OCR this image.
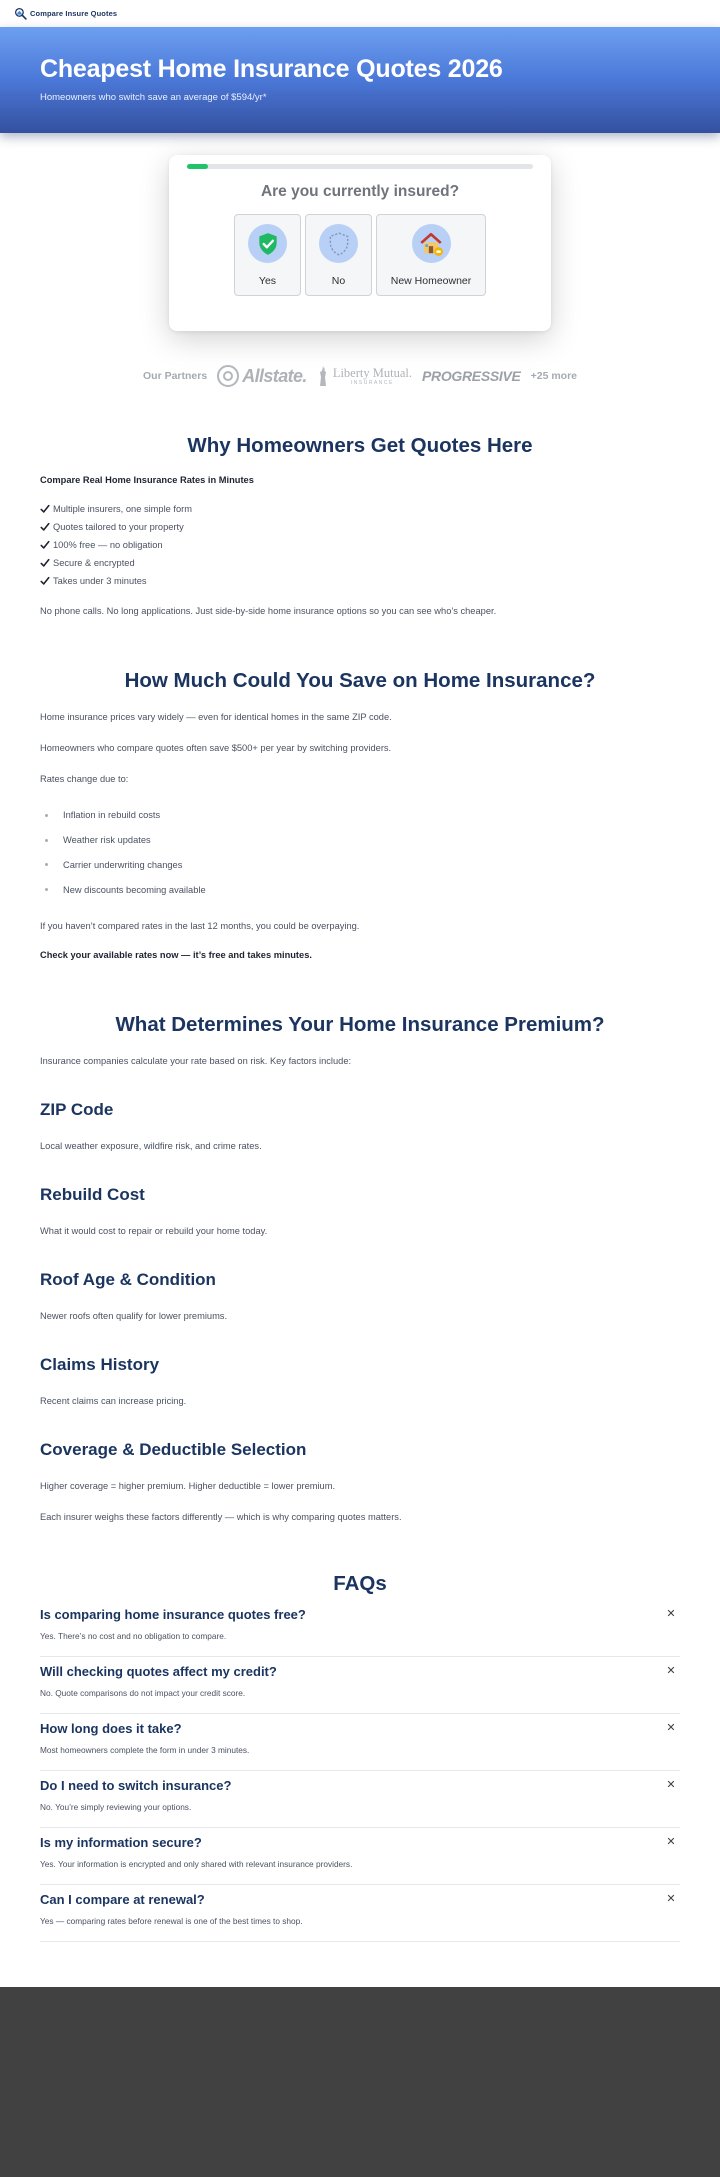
Compare Insure Quotes
Cheapest Home Insurance Quotes 2026

Homeowners who switch save an average of $594/yr*

Are you currently insured?
Yes	No	New Homeowner
Our Partners Allstate. Liberty Mutual.
INSURANCE PROGRESSIVE +25 more
Why Homeowners Get Quotes Here

Compare Real Home Insurance Rates in Minutes

Multiple insurers, one simple form
Quotes tailored to your property
100% free — no obligation
Secure & encrypted
Takes under 3 minutes

No phone calls. No long applications. Just side-by-side home insurance options so you can see who’s cheaper.

How Much Could You Save on Home Insurance?

Home insurance prices vary widely — even for identical homes in the same ZIP code.

Homeowners who compare quotes often save $500+ per year by switching providers.

Rates change due to:

Inflation in rebuild costs
Weather risk updates
Carrier underwriting changes
New discounts becoming available

If you haven’t compared rates in the last 12 months, you could be overpaying.

Check your available rates now — it’s free and takes minutes.

What Determines Your Home Insurance Premium?

Insurance companies calculate your rate based on risk. Key factors include:

ZIP Code

Local weather exposure, wildfire risk, and crime rates.

Rebuild Cost

What it would cost to repair or rebuild your home today.

Roof Age & Condition

Newer roofs often qualify for lower premiums.

Claims History

Recent claims can increase pricing.

Coverage & Deductible Selection

Higher coverage = higher premium. Higher deductible = lower premium.

Each insurer weighs these factors differently — which is why comparing quotes matters.

FAQs
Is comparing home insurance quotes free?
Yes. There’s no cost and no obligation to compare.
✕
Will checking quotes affect my credit?
No. Quote comparisons do not impact your credit score.
✕
How long does it take?
Most homeowners complete the form in under 3 minutes.
✕
Do I need to switch insurance?
No. You’re simply reviewing your options.
✕
Is my information secure?
Yes. Your information is encrypted and only shared with relevant insurance providers.
✕
Can I compare at renewal?
Yes — comparing rates before renewal is one of the best times to shop.
✕
